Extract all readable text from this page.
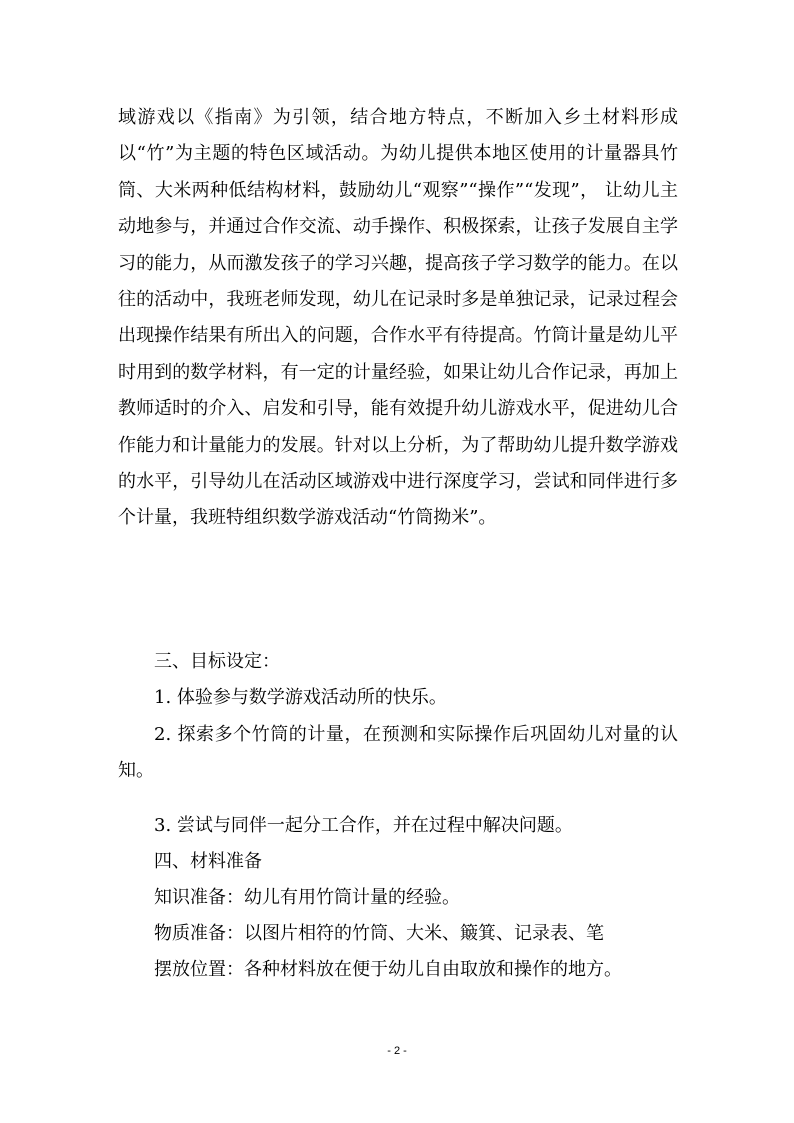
域游戏以《指南》为引领，结合地方特点，不断加入乡土材料形成以“竹”为主题的特色区域活动。为幼儿提供本地区使用的计量器具竹筒、大米两种低结构材料，鼓励幼儿“观察”“操作”“发现”， 让幼儿主动地参与，并通过合作交流、动手操作、积极探索，让孩子发展自主学习的能力，从而激发孩子的学习兴趣，提高孩子学习数学的能力。在以往的活动中，我班老师发现，幼儿在记录时多是单独记录，记录过程会出现操作结果有所出入的问题，合作水平有待提高。竹筒计量是幼儿平时用到的数学材料，有一定的计量经验，如果让幼儿合作记录，再加上教师适时的介入、启发和引导，能有效提升幼儿游戏水平，促进幼儿合作能力和计量能力的发展。针对以上分析，为了帮助幼儿提升数学游戏的水平，引导幼儿在活动区域游戏中进行深度学习，尝试和同伴进行多个计量，我班特组织数学游戏活动“竹筒拗米”。

三、目标设定：

1. 体验参与数学游戏活动所的快乐。

2. 探索多个竹筒的计量，在预测和实际操作后巩固幼儿对量的认知。

3. 尝试与同伴一起分工合作，并在过程中解决问题。

四、材料准备

知识准备：幼儿有用竹筒计量的经验。

物质准备：以图片相符的竹筒、大米、簸箕、记录表、笔

摆放位置：各种材料放在便于幼儿自由取放和操作的地方。

- 2 -
